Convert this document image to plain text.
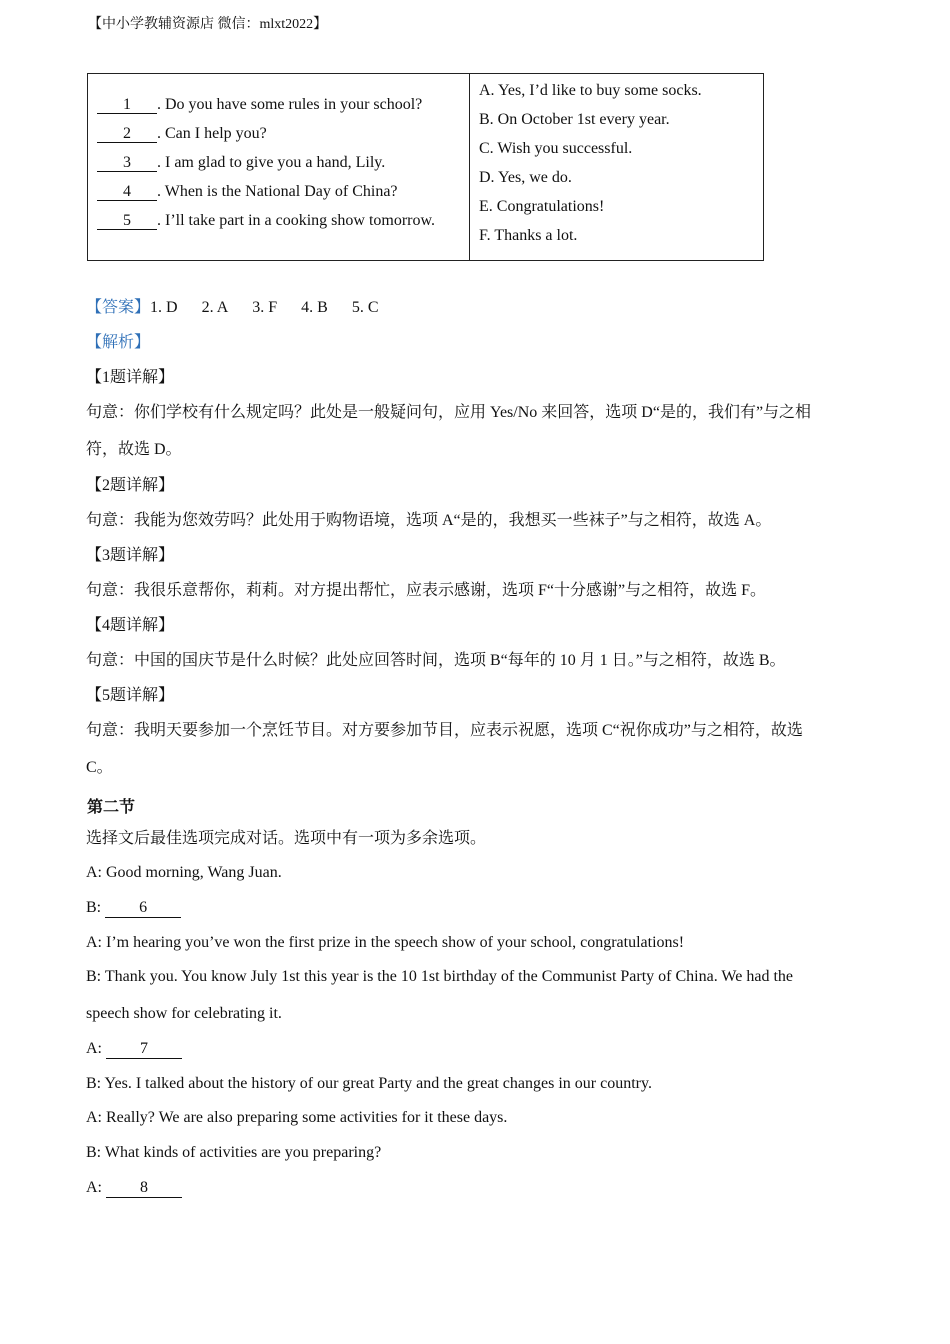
【中小学教辅资源店 微信：mlxt2022】
1 . Do you have some rules in your school?
2 . Can I help you?
3 . I am glad to give you a hand, Lily.
4 . When is the National Day of China?
5 . I’ll take part in a cooking show tomorrow.

A. Yes, I’d like to buy some socks.
B. On October 1st every year.
C. Wish you successful.
D. Yes, we do.
E. Congratulations!
F. Thanks a lot.
【答案】1. D 2. A 3. F 4. B 5. C
【解析】
【1题详解】
句意：你们学校有什么规定吗？此处是一般疑问句，应用 Yes/No 来回答，选项 D“是的，我们有”与之相
符，故选 D。
【2题详解】
句意：我能为您效劳吗？此处用于购物语境，选项 A“是的，我想买一些袜子”与之相符，故选 A。
【3题详解】
句意：我很乐意帮你，莉莉。对方提出帮忙，应表示感谢，选项 F“十分感谢”与之相符，故选 F。
【4题详解】
句意：中国的国庆节是什么时候？此处应回答时间，选项 B“每年的 10 月 1 日。”与之相符，故选 B。
【5题详解】
句意：我明天要参加一个烹饪节目。对方要参加节目，应表示祝愿，选项 C“祝你成功”与之相符，故选
C。
第二节
选择文后最佳选项完成对话。选项中有一项为多余选项。
A: Good morning, Wang Juan.
B: 6
A: I’m hearing you’ve won the first prize in the speech show of your school, congratulations!
B: Thank you. You know July 1st this year is the 10 1st birthday of the Communist Party of China. We had the
speech show for celebrating it.
A: 7
B: Yes. I talked about the history of our great Party and the great changes in our country.
A: Really? We are also preparing some activities for it these days.
B: What kinds of activities are you preparing?
A: 8
